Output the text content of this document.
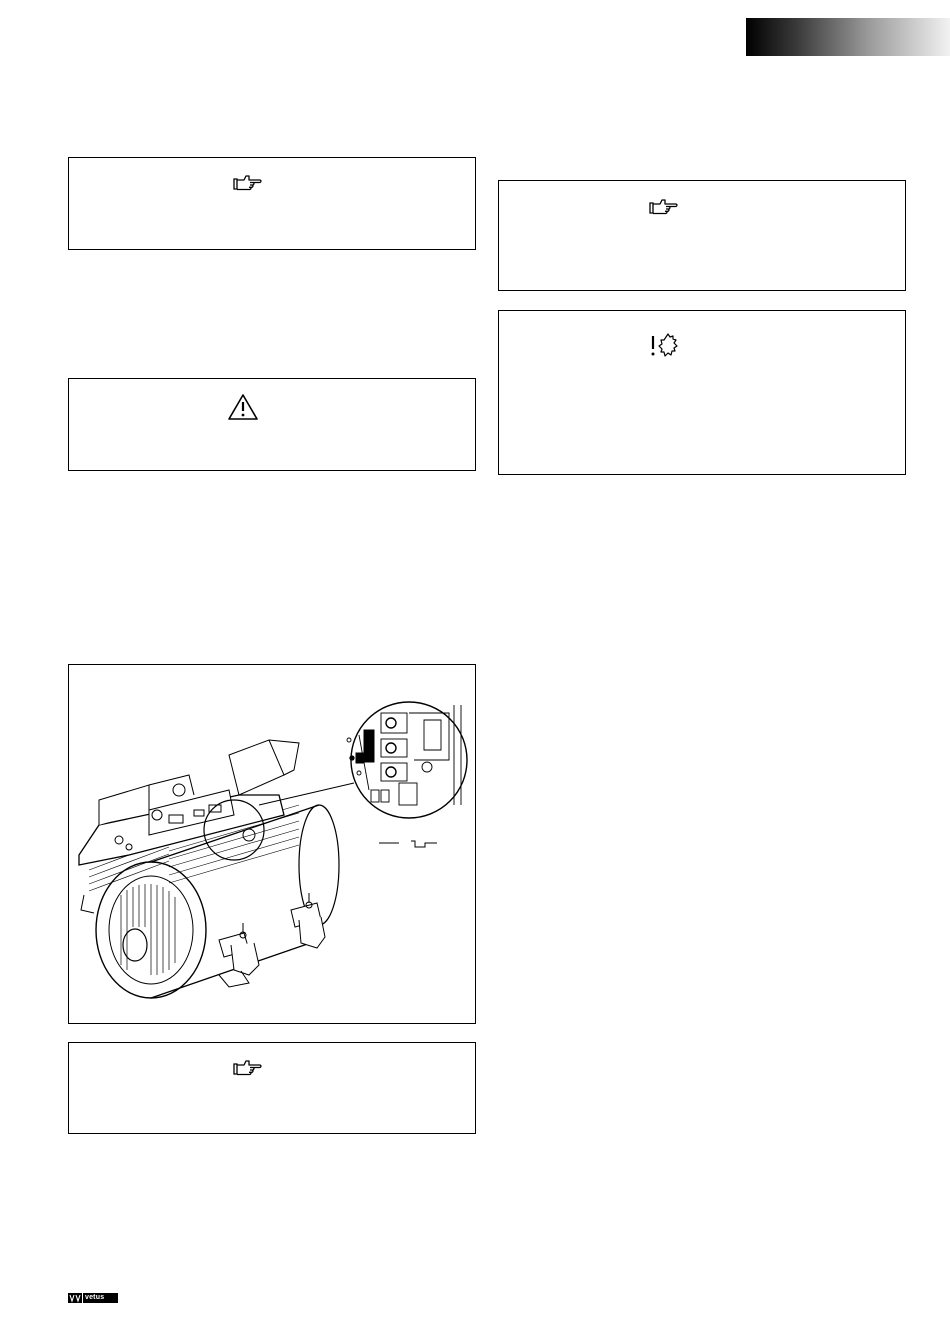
vetus
